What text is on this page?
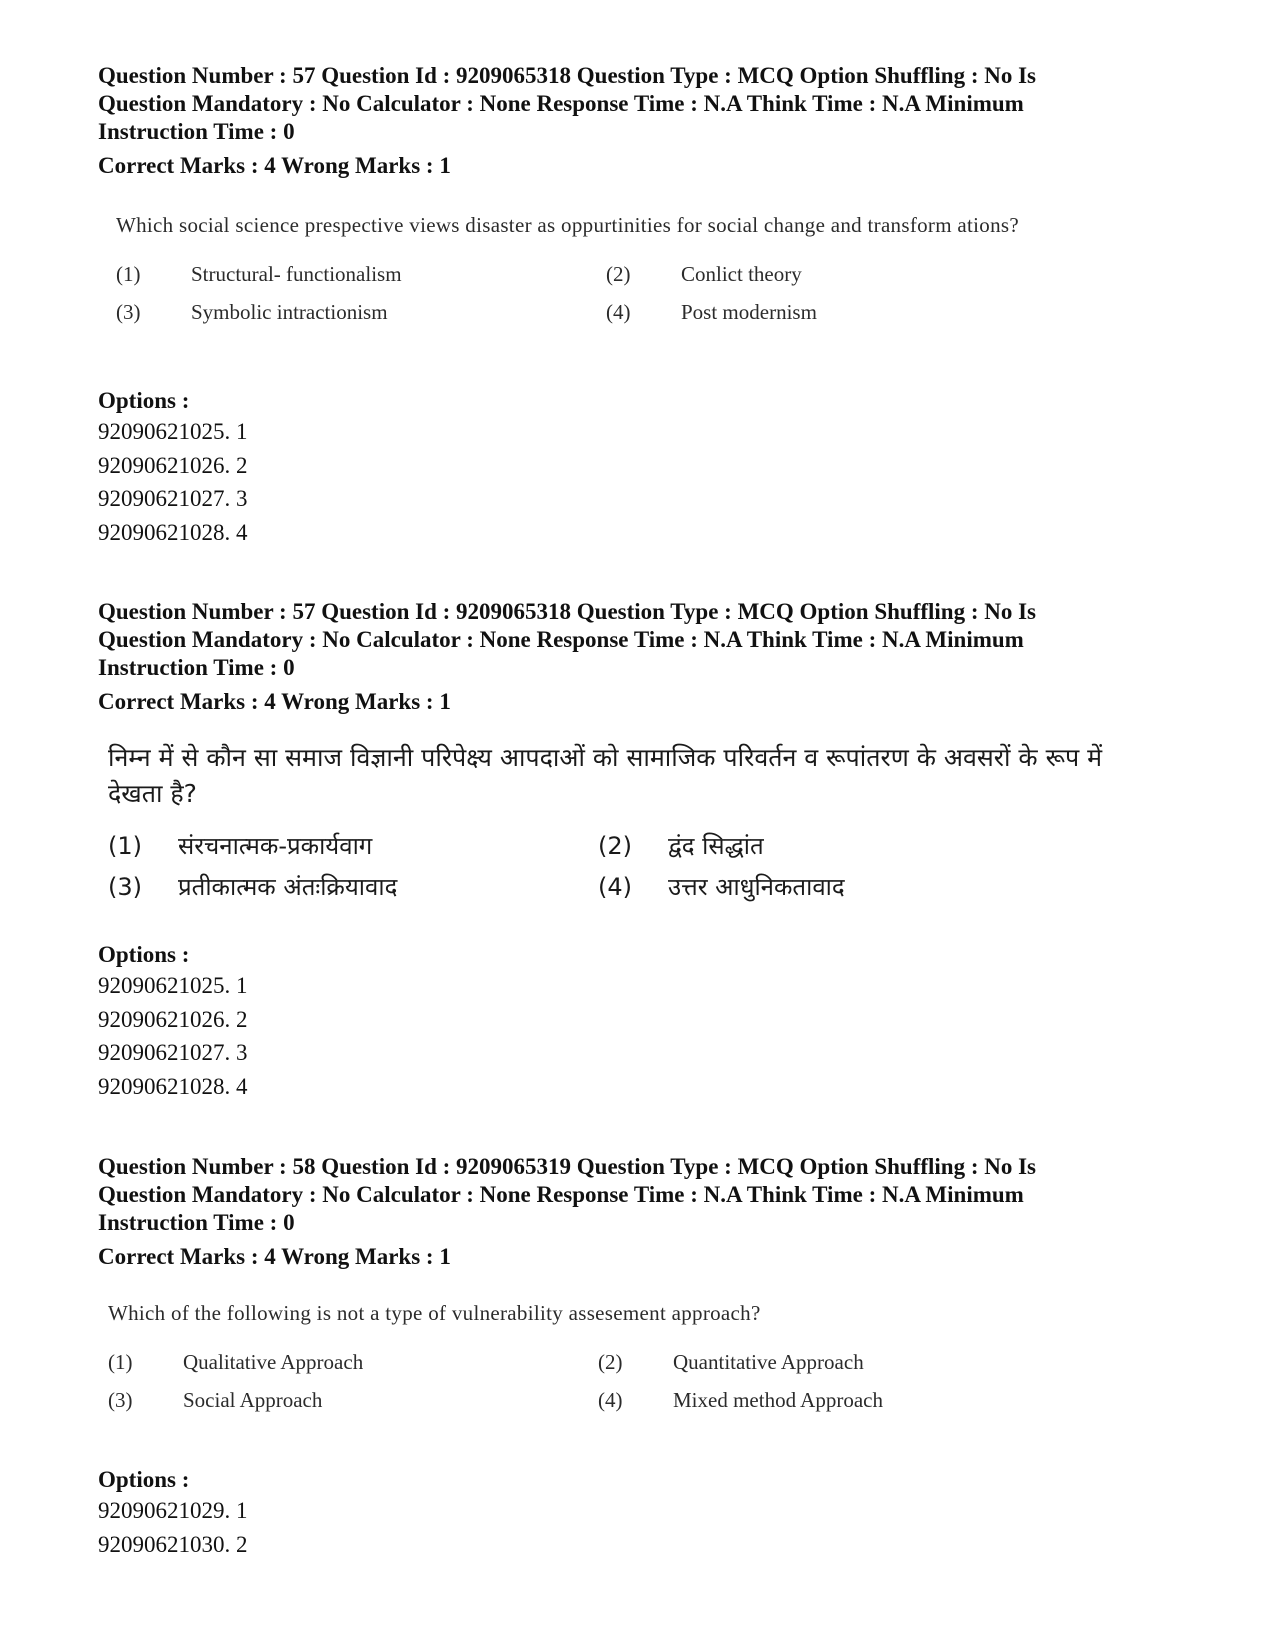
Question Number : 57 Question Id : 9209065318 Question Type : MCQ Option Shuffling : No Is

Question Mandatory : No Calculator : None Response Time : N.A Think Time : N.A Minimum

Instruction Time : 0

Correct Marks : 4 Wrong Marks : 1

Which social science prespective views disaster as oppurtinities for social change and transform ations?

(1)	Structural- functionalism	(2)	Conlict theory
(3)	Symbolic intractionism	(4)	Post modernism

Options :

92090621025. 1

92090621026. 2

92090621027. 3

92090621028. 4

Question Number : 57 Question Id : 9209065318 Question Type : MCQ Option Shuffling : No Is

Question Mandatory : No Calculator : None Response Time : N.A Think Time : N.A Minimum

Instruction Time : 0

Correct Marks : 4 Wrong Marks : 1

निम्न में से कौन सा समाज विज्ञानी परिपेक्ष्य आपदाओं को सामाजिक परिवर्तन व रूपांतरण के अवसरों के रूप में देखता है?

(1)	संरचनात्मक-प्रकार्यवाग	(2)	द्वंद सिद्धांत
(3)	प्रतीकात्मक अंतःक्रियावाद	(4)	उत्तर आधुनिकतावाद

Options :

92090621025. 1

92090621026. 2

92090621027. 3

92090621028. 4

Question Number : 58 Question Id : 9209065319 Question Type : MCQ Option Shuffling : No Is

Question Mandatory : No Calculator : None Response Time : N.A Think Time : N.A Minimum

Instruction Time : 0

Correct Marks : 4 Wrong Marks : 1

Which of the following is not a type of vulnerability assesement approach?

(1)	Qualitative Approach	(2)	Quantitative Approach
(3)	Social Approach	(4)	Mixed method Approach

Options :

92090621029. 1

92090621030. 2
